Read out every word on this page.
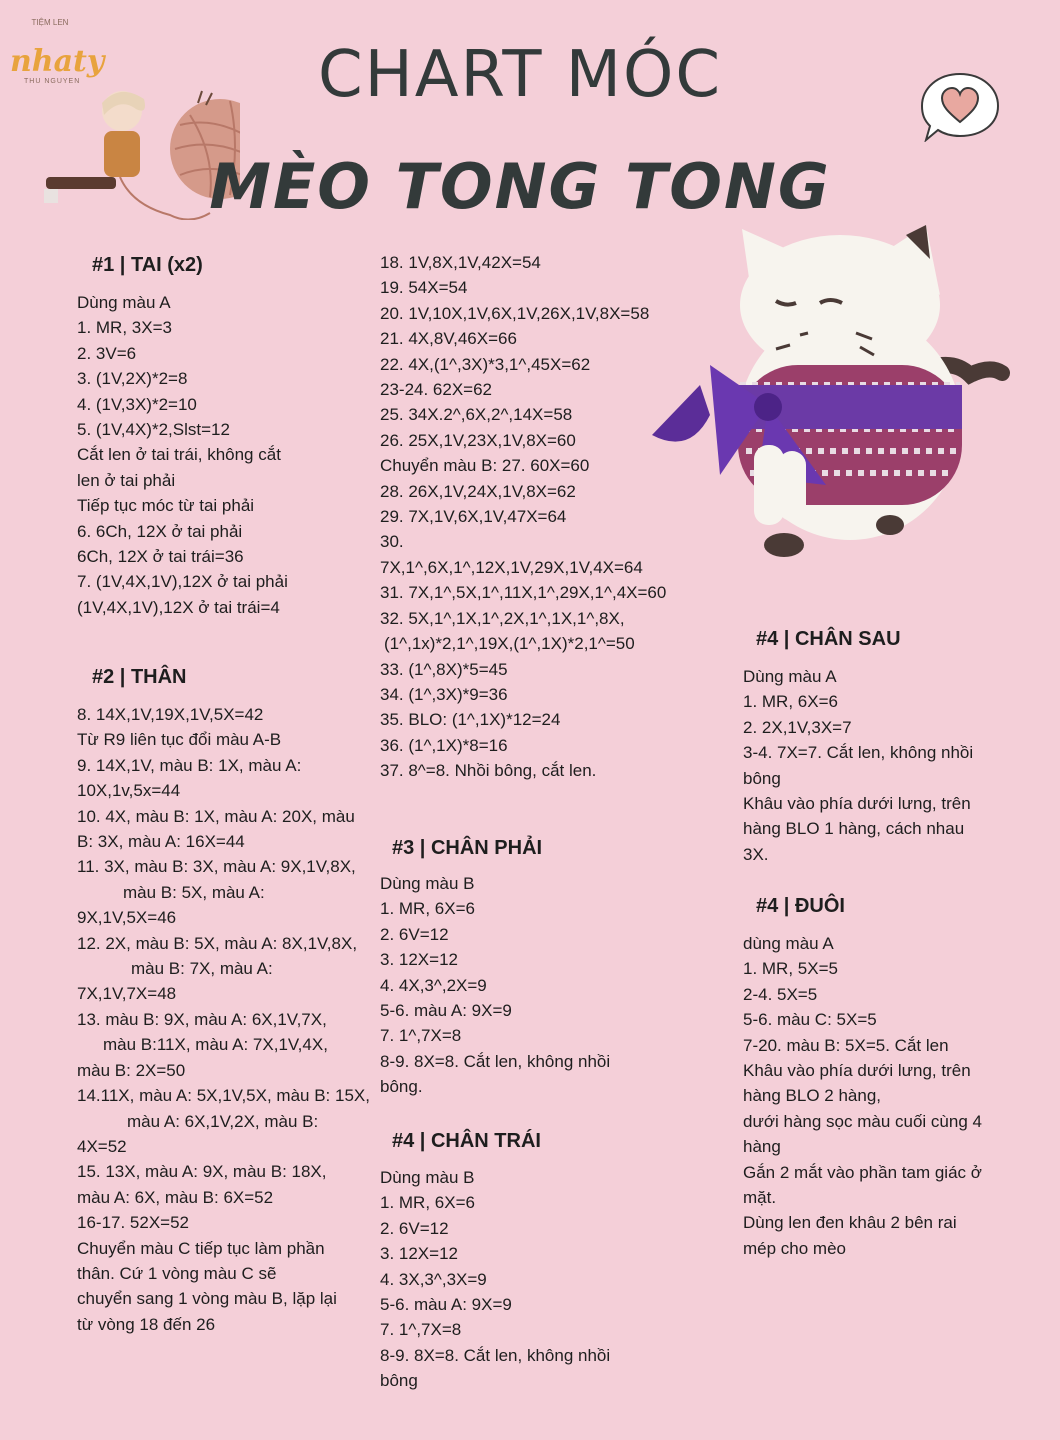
TIỆM LEN
nhaty
THU NGUYEN	CHART MÓC
MÈO TONG TONG
#1 | TAI (x2)
Dùng màu A
1. MR, 3X=3
2. 3V=6
3. (1V,2X)*2=8
4. (1V,3X)*2=10
5. (1V,4X)*2,Slst=12
Cắt len ở tai trái, không cắt
len ở tai phải
Tiếp tục móc từ tai phải
6. 6Ch, 12X ở tai phải
6Ch, 12X ở tai trái=36
7. (1V,4X,1V),12X ở tai phải
(1V,4X,1V),12X ở tai trái=4
#2 | THÂN
8. 14X,1V,19X,1V,5X=42
Từ R9 liên tục đổi màu A-B
9. 14X,1V, màu B: 1X, màu A:
10X,1v,5x=44
10. 4X, màu B: 1X, màu A: 20X, màu
B: 3X, màu A: 16X=44
11. 3X, màu B: 3X, màu A: 9X,1V,8X,
màu B: 5X, màu A:
9X,1V,5X=46
12. 2X, màu B: 5X, màu A: 8X,1V,8X,
màu B: 7X, màu A:
7X,1V,7X=48
13. màu B: 9X, màu A: 6X,1V,7X,
màu B:11X, màu A: 7X,1V,4X,
màu B: 2X=50
14.11X, màu A: 5X,1V,5X, màu B: 15X,
màu A: 6X,1V,2X, màu B:
4X=52
15. 13X, màu A: 9X, màu B: 18X,
màu A: 6X, màu B: 6X=52
16-17. 52X=52
Chuyển màu C tiếp tục làm phần
thân. Cứ 1 vòng màu C sẽ
chuyển sang 1 vòng màu B, lặp lại
từ vòng 18 đến 26
18. 1V,8X,1V,42X=54
19. 54X=54
20. 1V,10X,1V,6X,1V,26X,1V,8X=58
21. 4X,8V,46X=66
22. 4X,(1^,3X)*3,1^,45X=62
23-24. 62X=62
25. 34X.2^,6X,2^,14X=58
26. 25X,1V,23X,1V,8X=60
Chuyển màu B: 27. 60X=60
28. 26X,1V,24X,1V,8X=62
29. 7X,1V,6X,1V,47X=64
30.
7X,1^,6X,1^,12X,1V,29X,1V,4X=64
31. 7X,1^,5X,1^,11X,1^,29X,1^,4X=60
32. 5X,1^,1X,1^,2X,1^,1X,1^,8X,
(1^,1x)*2,1^,19X,(1^,1X)*2,1^=50
33. (1^,8X)*5=45
34. (1^,3X)*9=36
35. BLO: (1^,1X)*12=24
36. (1^,1X)*8=16
37. 8^=8. Nhồi bông, cắt len.
#3 | CHÂN PHẢI
Dùng màu B
1. MR, 6X=6
2. 6V=12
3. 12X=12
4. 4X,3^,2X=9
5-6. màu A: 9X=9
7. 1^,7X=8
8-9. 8X=8. Cắt len, không nhồi
bông.
#4 | CHÂN TRÁI
Dùng màu B
1. MR, 6X=6
2. 6V=12
3. 12X=12
4. 3X,3^,3X=9
5-6. màu A: 9X=9
7. 1^,7X=8
8-9. 8X=8. Cắt len, không nhồi
bông
#4 | CHÂN SAU
Dùng màu A
1. MR, 6X=6
2. 2X,1V,3X=7
3-4. 7X=7. Cắt len, không nhồi
bông
Khâu vào phía dưới lưng, trên
hàng BLO 1 hàng, cách nhau
3X.
#4 | ĐUÔI
dùng màu A
1. MR, 5X=5
2-4. 5X=5
5-6. màu C: 5X=5
7-20. màu B: 5X=5. Cắt len
Khâu vào phía dưới lưng, trên
hàng BLO 2 hàng,
dưới hàng sọc màu cuối cùng 4
hàng
Gắn 2 mắt vào phần tam giác ở
mặt.
Dùng len đen khâu 2 bên rai
mép cho mèo
